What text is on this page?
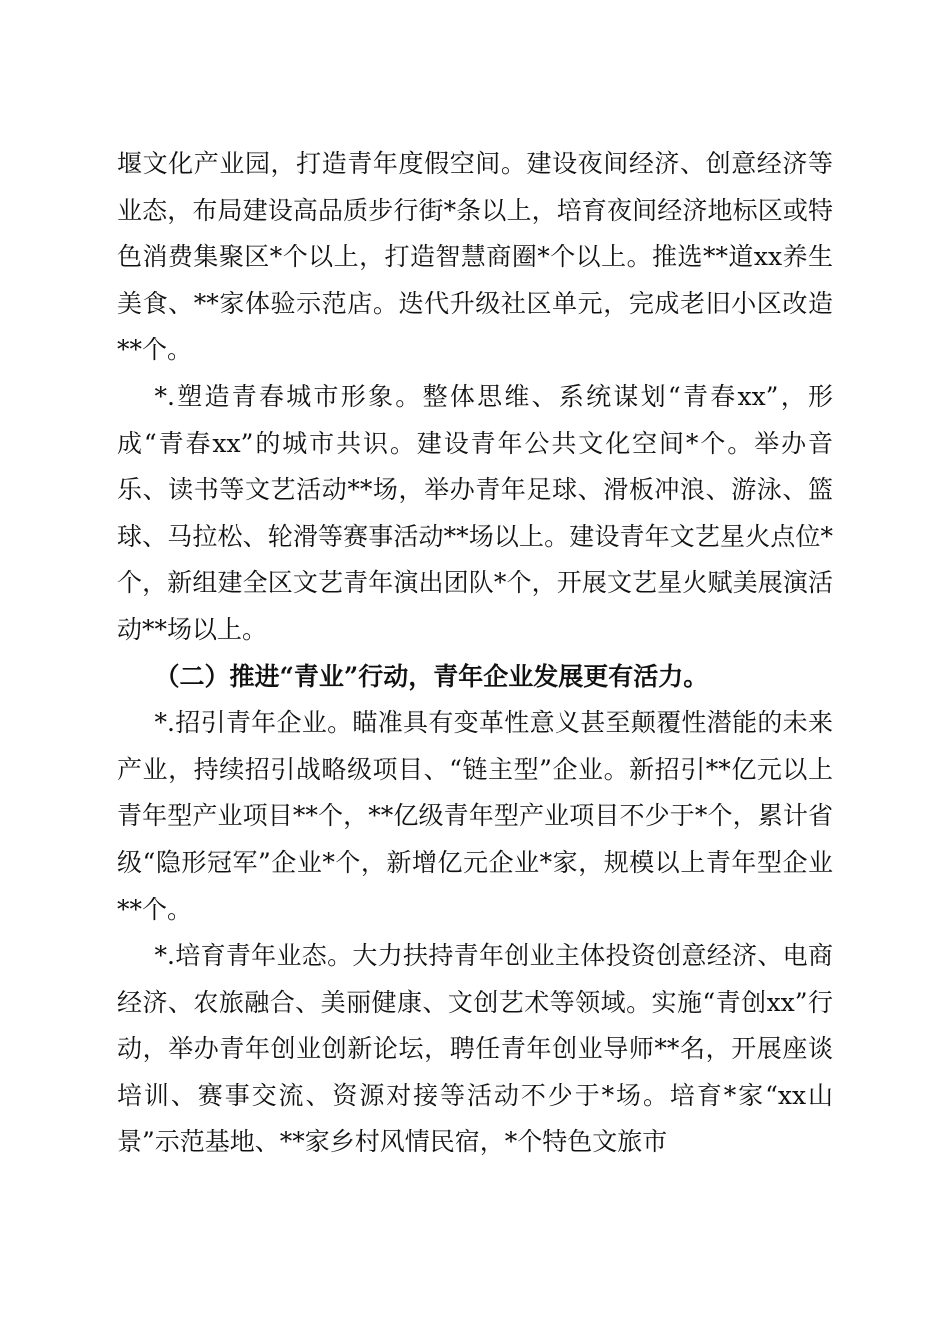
堰文化产业园，打造青年度假空间。建设夜间经济、创意经济等业态，布局建设高品质步行街*条以上，培育夜间经济地标区或特色消费集聚区*个以上，打造智慧商圈*个以上。推选**道xx养生美食、**家体验示范店。迭代升级社区单元，完成老旧小区改造**个。

*.塑造青春城市形象。整体思维、系统谋划“青春xx”，形成“青春xx”的城市共识。建设青年公共文化空间*个。举办音乐、读书等文艺活动**场，举办青年足球、滑板冲浪、游泳、篮球、马拉松、轮滑等赛事活动**场以上。建设青年文艺星火点位*个，新组建全区文艺青年演出团队*个，开展文艺星火赋美展演活动**场以上。

（二）推进“青业”行动，青年企业发展更有活力。

*.招引青年企业。瞄准具有变革性意义甚至颠覆性潜能的未来产业，持续招引战略级项目、“链主型”企业。新招引**亿元以上青年型产业项目**个，**亿级青年型产业项目不少于*个，累计省级“隐形冠军”企业*个，新增亿元企业*家，规模以上青年型企业**个。

*.培育青年业态。大力扶持青年创业主体投资创意经济、电商经济、农旅融合、美丽健康、文创艺术等领域。实施“青创xx”行动，举办青年创业创新论坛，聘任青年创业导师**名，开展座谈培训、赛事交流、资源对接等活动不少于*场。培育*家“xx山景”示范基地、**家乡村风情民宿，*个特色文旅市
